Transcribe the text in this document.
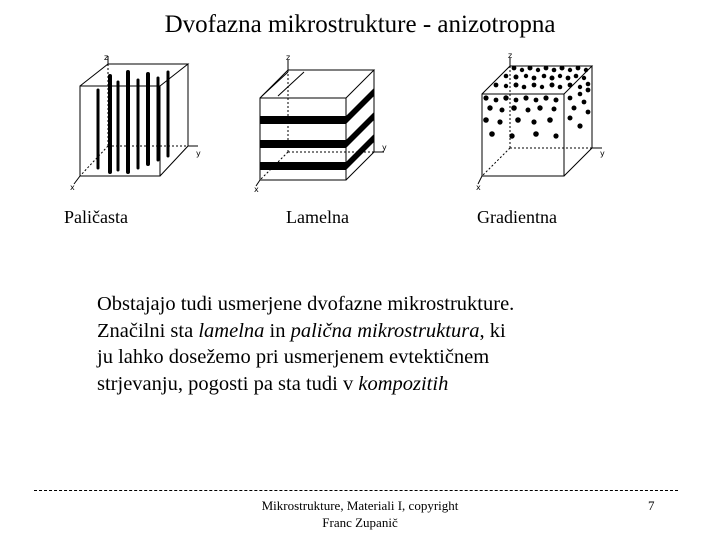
Dvofazna mikrostrukture - anizotropna
z
y
x
z
y
x
z
y
x
Paličasta	Lamelna	Gradientna
Obstajajo tudi usmerjene dvofazne mikrostrukture.
Značilni sta lamelna in palična mikrostruktura, ki
ju lahko dosežemo pri usmerjenem evtektičnem
strjevanju, pogosti pa sta tudi v kompozitih
Mikrostrukture, Materiali I, copyright
Franc Zupanič
7
